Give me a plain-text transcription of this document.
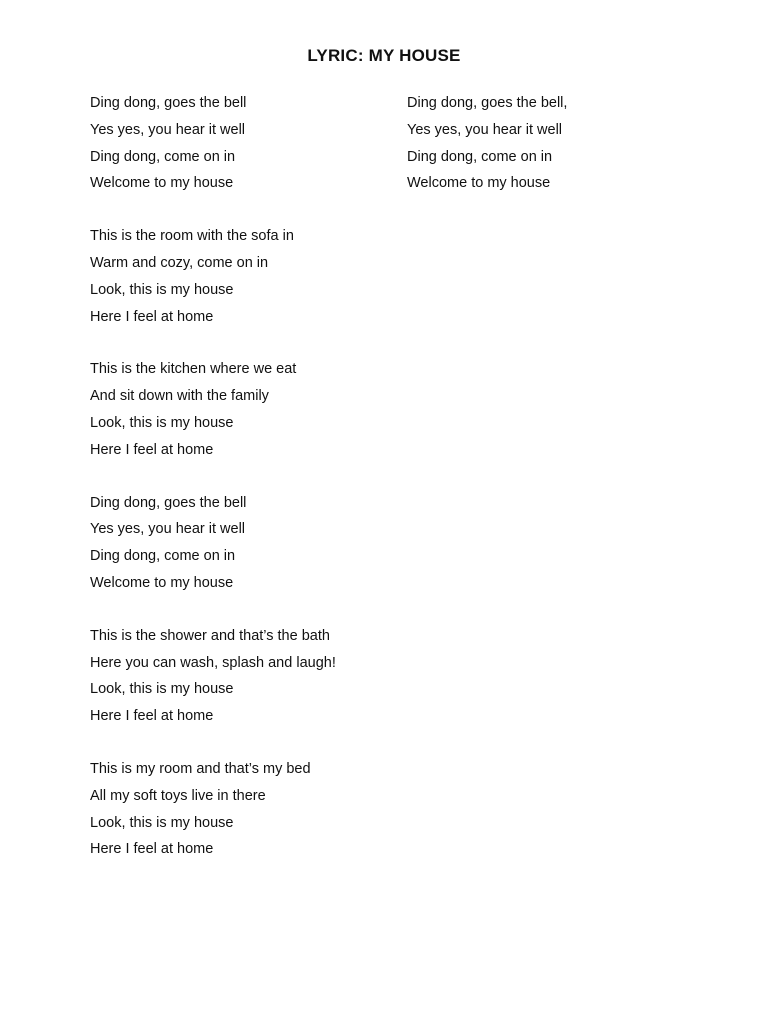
LYRIC: MY HOUSE
Ding dong, goes the bell
Yes yes, you hear it well
Ding dong, come on in
Welcome to my house
This is the room with the sofa in
Warm and cozy, come on in
Look, this is my house
Here I feel at home
This is the kitchen where we eat
And sit down with the family
Look, this is my house
Here I feel at home
Ding dong, goes the bell
Yes yes, you hear it well
Ding dong, come on in
Welcome to my house
This is the shower and that’s the bath
Here you can wash, splash and laugh!
Look, this is my house
Here I feel at home
This is my room and that’s my bed
All my soft toys live in there
Look, this is my house
Here I feel at home
Ding dong, goes the bell,
Yes yes, you hear it well
Ding dong, come on in
Welcome to my house
